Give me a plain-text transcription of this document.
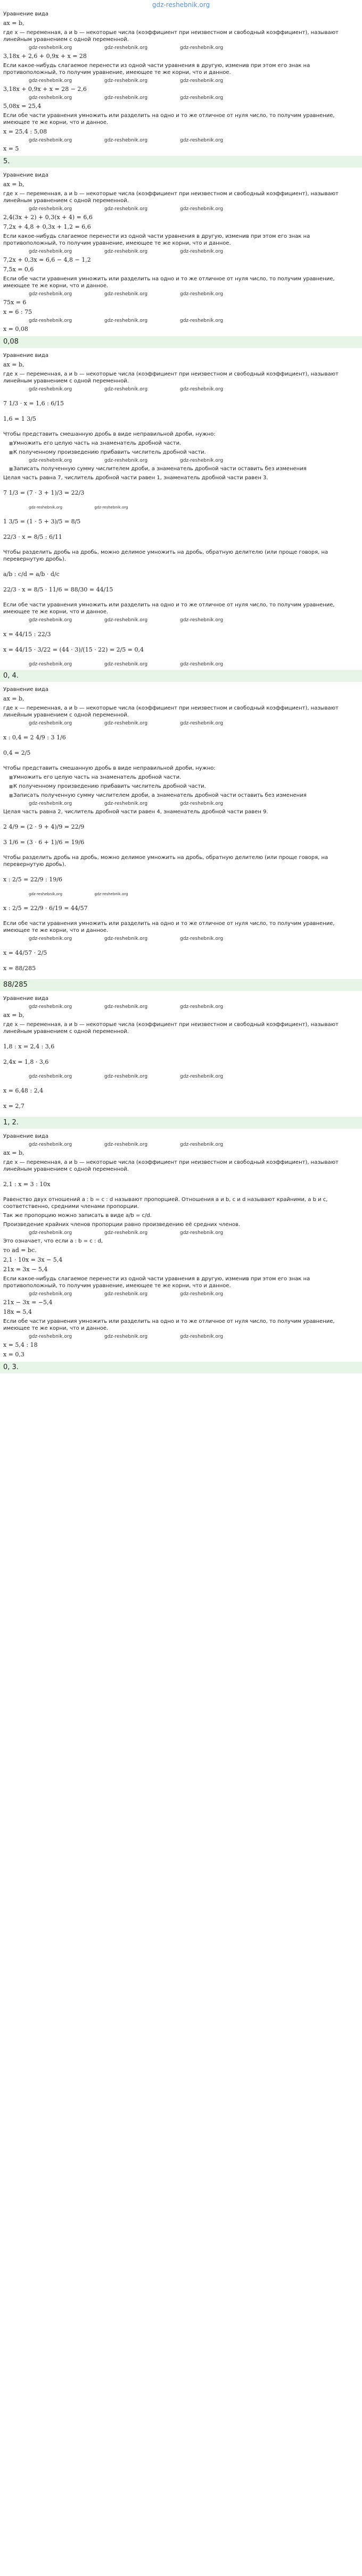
gdz-reshebnik.org

Уравнение вида

ax = b,

где x — переменная, а и b — некоторые числа (коэффициент при неизвестном и свободный коэффициент), называют линейным уравнением с одной переменной.

gdz-reshebnik.org	gdz-reshebnik.org	gdz-reshebnik.org

3,18x + 2,6 + 0,9x + x = 28

Если какое-нибудь слагаемое перенести из одной части уравнения в другую, изменив при этом его знак на противоположный, то получим уравнение, имеющее те же корни, что и данное.

gdz-reshebnik.org	gdz-reshebnik.org	gdz-reshebnik.org

3,18x + 0,9x + x = 28 − 2,6

gdz-reshebnik.org	gdz-reshebnik.org	gdz-reshebnik.org

5,08x = 25,4

Если обе части уравнения умножить или разделить на одно и то же отличное от нуля число, то получим уравнение, имеющее те же корни, что и данное.

x = 25,4 : 5,08

gdz-reshebnik.org	gdz-reshebnik.org	gdz-reshebnik.org

x = 5

5.

Уравнение вида

ax = b,

где x — переменная, а и b — некоторые числа (коэффициент при неизвестном и свободный коэффициент), называют линейным уравнением с одной переменной.

gdz-reshebnik.org	gdz-reshebnik.org	gdz-reshebnik.org

2,4(3x + 2) + 0,3(x + 4) = 6,6

7,2x + 4,8 + 0,3x + 1,2 = 6,6

Если какое-нибудь слагаемое перенести из одной части уравнения в другую, изменив при этом его знак на противоположный, то получим уравнение, имеющее те же корни, что и данное.

gdz-reshebnik.org	gdz-reshebnik.org	gdz-reshebnik.org

7,2x + 0,3x = 6,6 − 4,8 − 1,2

7,5x = 0,6

Если обе части уравнения умножить или разделить на одно и то же отличное от нуля число, то получим уравнение, имеющее те же корни, что и данное.

gdz-reshebnik.org	gdz-reshebnik.org	gdz-reshebnik.org

75x = 6

x = 6 : 75

gdz-reshebnik.org	gdz-reshebnik.org	gdz-reshebnik.org

x = 0,08

0,08

Уравнение вида

ax = b,

где x — переменная, а и b — некоторые числа (коэффициент при неизвестном и свободный коэффициент), называют линейным уравнением с одной переменной.

gdz-reshebnik.org	gdz-reshebnik.org	gdz-reshebnik.org

7 1/3 · x = 1,6 : 6/15

1,6 = 1 3/5

Чтобы представить смешанную дробь в виде неправильной дроби, нужно:

■Умножить его целую часть на знаменатель дробной части.
■К полученному произведению прибавить числитель дробной части.
gdz-reshebnik.org	gdz-reshebnik.org	gdz-reshebnik.org
■Записать полученную сумму числителем дроби, а знаменатель дробной части оставить без изменения

Целая часть равна 7, числитель дробной части равен 1, знаменатель дробной части равен 3.

7 1/3 = (7 · 3 + 1)/3 = 22/3

gdz-reshebnik.org	gdz-reshebnik.org

1 3/5 = (1 · 5 + 3)/5 = 8/5

22/3 · x = 8/5 : 6/11

Чтобы разделить дробь на дробь, можно делимое умножить на дробь, обратную делителю (или проще говоря, на перевернутую дробь).

a/b : c/d = a/b · d/c

22/3 · x = 8/5 · 11/6 = 88/30 = 44/15

Если обе части уравнения умножить или разделить на одно и то же отличное от нуля число, то получим уравнение, имеющее те же корни, что и данное.

gdz-reshebnik.org	gdz-reshebnik.org	gdz-reshebnik.org

x = 44/15 : 22/3

x = 44/15 · 3/22 = (44 · 3)/(15 · 22) = 2/5 = 0,4

gdz-reshebnik.org	gdz-reshebnik.org	gdz-reshebnik.org
0, 4.

Уравнение вида

ax = b,

где x — переменная, а и b — некоторые числа (коэффициент при неизвестном и свободный коэффициент), называют линейным уравнением с одной переменной.

gdz-reshebnik.org	gdz-reshebnik.org	gdz-reshebnik.org

x : 0,4 = 2 4/9 : 3 1/6

0,4 = 2/5

Чтобы представить смешанную дробь в виде неправильной дроби, нужно:

■Умножить его целую часть на знаменатель дробной части.
■К полученному произведению прибавить числитель дробной части.
■Записать полученную сумму числителем дроби, а знаменатель дробной части оставить без изменения
gdz-reshebnik.org	gdz-reshebnik.org	gdz-reshebnik.org

Целая часть равна 2, числитель дробной части равен 4, знаменатель дробной части равен 9.

2 4/9 = (2 · 9 + 4)/9 = 22/9

3 1/6 = (3 · 6 + 1)/6 = 19/6

Чтобы разделить дробь на дробь, можно делимое умножить на дробь, обратную делителю (или проще говоря, на перевернутую дробь).

x : 2/5 = 22/9 : 19/6

gdz-reshebnik.org	gdz-reshebnik.org

x : 2/5 = 22/9 · 6/19 = 44/57

Если обе части уравнения умножить или разделить на одно и то же отличное от нуля число, то получим уравнение, имеющее те же корни, что и данное.

gdz-reshebnik.org	gdz-reshebnik.org	gdz-reshebnik.org

x = 44/57 · 2/5

x = 88/285

88/285

Уравнение вида

gdz-reshebnik.org	gdz-reshebnik.org	gdz-reshebnik.org

ax = b,

где x — переменная, а и b — некоторые числа (коэффициент при неизвестном и свободный коэффициент), называют линейным уравнением с одной переменной.

1,8 : x = 2,4 : 3,6

2,4x = 1,8 · 3,6

gdz-reshebnik.org	gdz-reshebnik.org	gdz-reshebnik.org

x = 6,48 : 2,4

x = 2,7

1, 2.

Уравнение вида

gdz-reshebnik.org	gdz-reshebnik.org	gdz-reshebnik.org

ax = b,

где x — переменная, а и b — некоторые числа (коэффициент при неизвестном и свободный коэффициент), называют линейным уравнением с одной переменной.

2,1 : x = 3 : 10x

Равенство двух отношений a : b = c : d называют пропорцией. Отношения a и b, с и d называют крайними, а b и c, соответственно, средними членами пропорции.

Так же пропорцию можно записать в виде a/b = c/d.

Произведение крайних членов пропорции равно произведению её средних членов.

gdz-reshebnik.org	gdz-reshebnik.org	gdz-reshebnik.org

Это означает, что если a : b = c : d,

то ad = bc.

2,1 · 10x = 3x − 5,4

21x = 3x − 5,4

Если какое-нибудь слагаемое перенести из одной части уравнения в другую, изменив при этом его знак на противоположный, то получим уравнение, имеющее те же корни, что и данное.

gdz-reshebnik.org	gdz-reshebnik.org	gdz-reshebnik.org

21x − 3x = −5,4

18x = 5,4

Если обе части уравнения умножить или разделить на одно и то же отличное от нуля число, то получим уравнение, имеющее те же корни, что и данное.

gdz-reshebnik.org	gdz-reshebnik.org	gdz-reshebnik.org

x = 5,4 : 18

x = 0,3

0, 3.
